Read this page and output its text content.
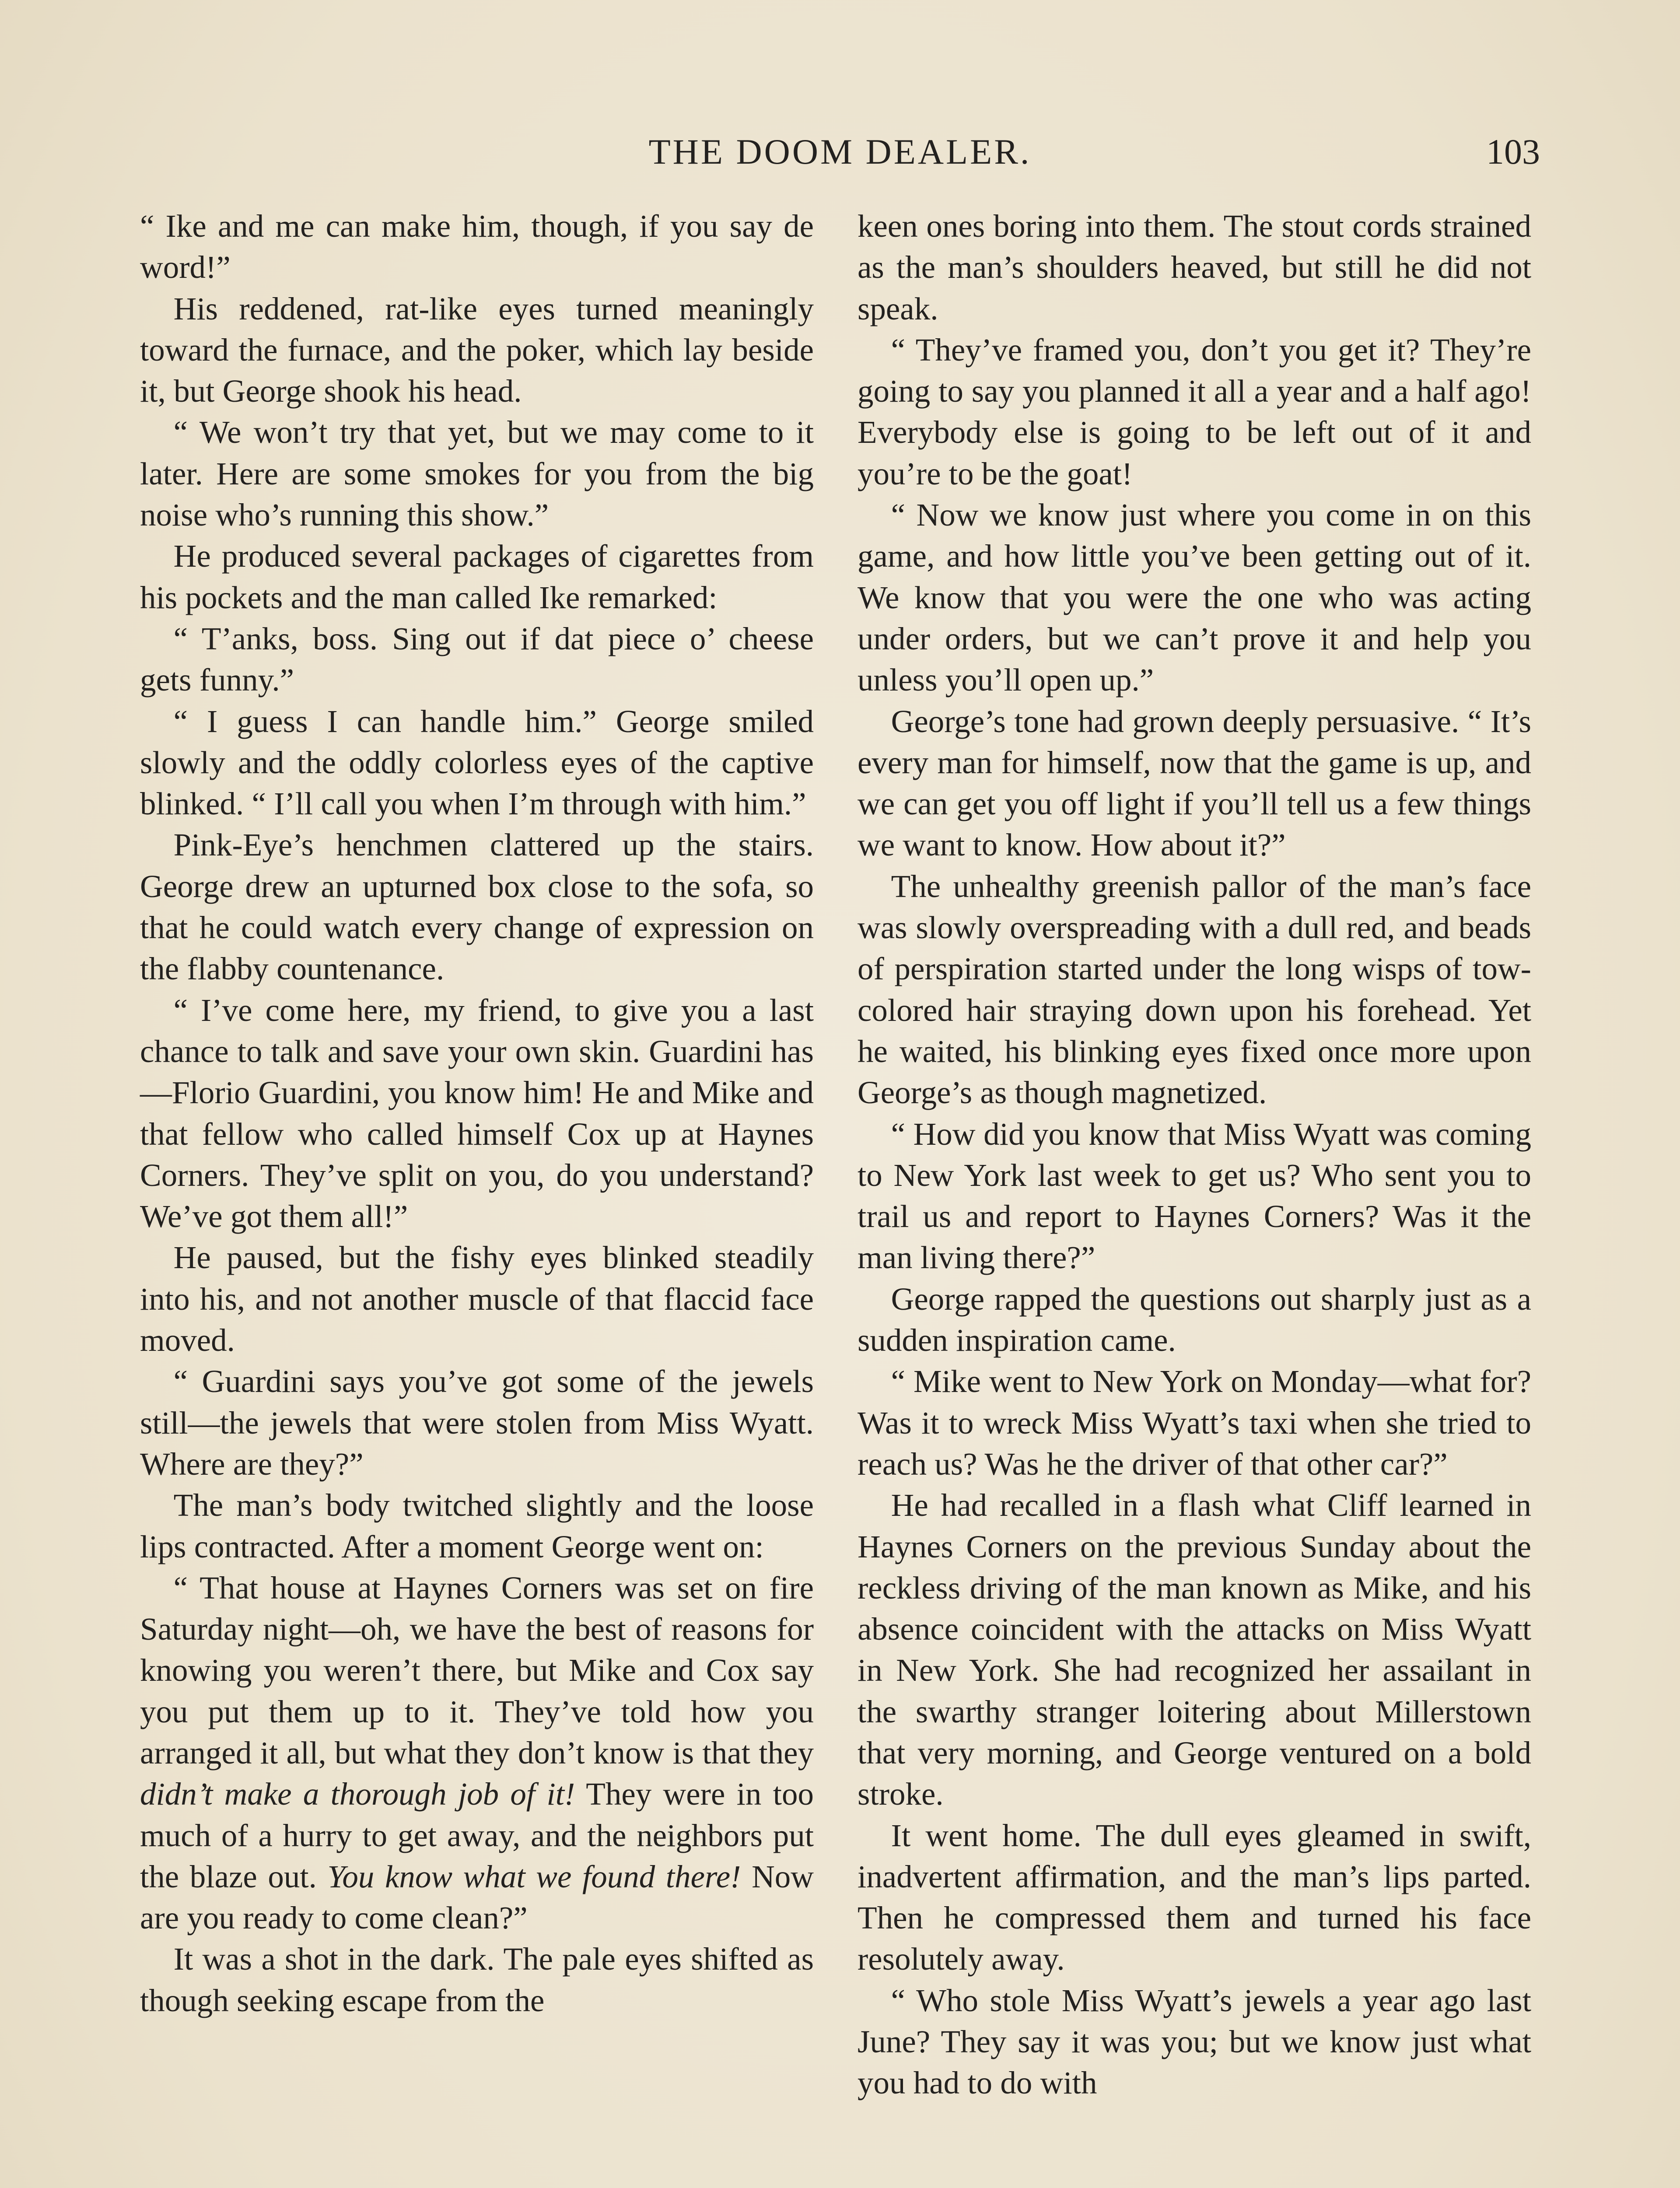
THE DOOM DEALER.	103

“ Ike and me can make him, though, if you say de word!”

His reddened, rat-like eyes turned meaningly toward the furnace, and the poker, which lay beside it, but George shook his head.

“ We won’t try that yet, but we may come to it later. Here are some smokes for you from the big noise who’s running this show.”

He produced several packages of cigarettes from his pockets and the man called Ike remarked:

“ T’anks, boss. Sing out if dat piece o’ cheese gets funny.”

“ I guess I can handle him.” George smiled slowly and the oddly colorless eyes of the captive blinked. “ I’ll call you when I’m through with him.”

Pink-Eye’s henchmen clattered up the stairs. George drew an upturned box close to the sofa, so that he could watch every change of expression on the flabby countenance.

“ I’ve come here, my friend, to give you a last chance to talk and save your own skin. Guardini has—Florio Guardini, you know him! He and Mike and that fellow who called himself Cox up at Haynes Corners. They’ve split on you, do you understand? We’ve got them all!”

He paused, but the fishy eyes blinked steadily into his, and not another muscle of that flaccid face moved.

“ Guardini says you’ve got some of the jewels still—the jewels that were stolen from Miss Wyatt. Where are they?”

The man’s body twitched slightly and the loose lips contracted. After a moment George went on:

“ That house at Haynes Corners was set on fire Saturday night—oh, we have the best of reasons for knowing you weren’t there, but Mike and Cox say you put them up to it. They’ve told how you arranged it all, but what they don’t know is that they didn’t make a thorough job of it! They were in too much of a hurry to get away, and the neighbors put the blaze out. You know what we found there! Now are you ready to come clean?”

It was a shot in the dark. The pale eyes shifted as though seeking escape from the

keen ones boring into them. The stout cords strained as the man’s shoulders heaved, but still he did not speak.

“ They’ve framed you, don’t you get it? They’re going to say you planned it all a year and a half ago! Everybody else is going to be left out of it and you’re to be the goat!

“ Now we know just where you come in on this game, and how little you’ve been getting out of it. We know that you were the one who was acting under orders, but we can’t prove it and help you unless you’ll open up.”

George’s tone had grown deeply persuasive. “ It’s every man for himself, now that the game is up, and we can get you off light if you’ll tell us a few things we want to know. How about it?”

The unhealthy greenish pallor of the man’s face was slowly overspreading with a dull red, and beads of perspiration started under the long wisps of tow-colored hair straying down upon his forehead. Yet he waited, his blinking eyes fixed once more upon George’s as though magnetized.

“ How did you know that Miss Wyatt was coming to New York last week to get us? Who sent you to trail us and report to Haynes Corners? Was it the man living there?”

George rapped the questions out sharply just as a sudden inspiration came.

“ Mike went to New York on Monday—what for? Was it to wreck Miss Wyatt’s taxi when she tried to reach us? Was he the driver of that other car?”

He had recalled in a flash what Cliff learned in Haynes Corners on the previous Sunday about the reckless driving of the man known as Mike, and his absence coincident with the attacks on Miss Wyatt in New York. She had recognized her assailant in the swarthy stranger loitering about Millerstown that very morning, and George ventured on a bold stroke.

It went home. The dull eyes gleamed in swift, inadvertent affirmation, and the man’s lips parted. Then he compressed them and turned his face resolutely away.

“ Who stole Miss Wyatt’s jewels a year ago last June? They say it was you; but we know just what you had to do with
